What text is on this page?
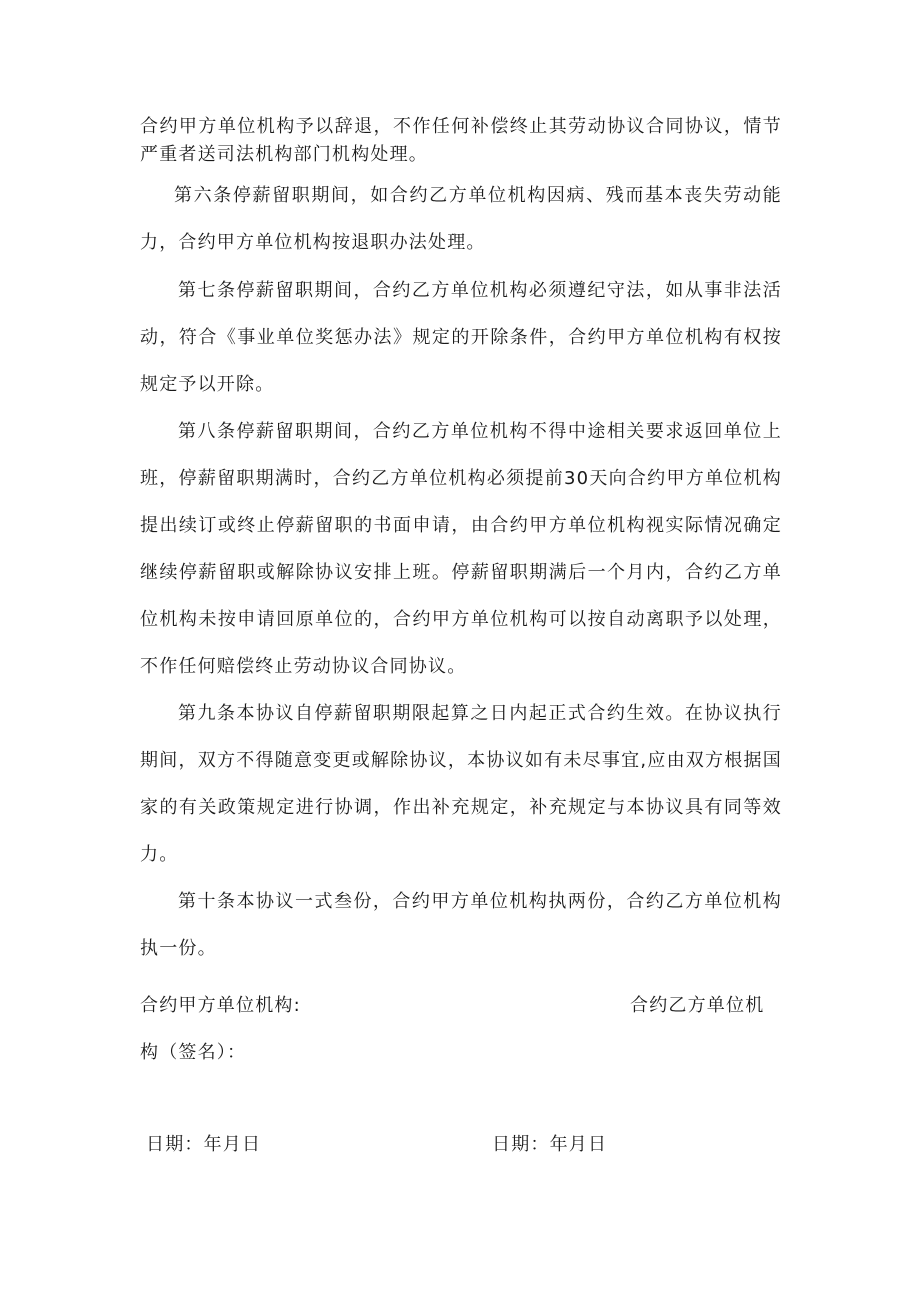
合约甲方单位机构予以辞退，不作任何补偿终止其劳动协议合同协议，情节严重者送司法机构部门机构处理。

第六条停薪留职期间，如合约乙方单位机构因病、残而基本丧失劳动能力，合约甲方单位机构按退职办法处理。

第七条停薪留职期间，合约乙方单位机构必须遵纪守法，如从事非法活动，符合《事业单位奖惩办法》规定的开除条件，合约甲方单位机构有权按规定予以开除。

第八条停薪留职期间，合约乙方单位机构不得中途相关要求返回单位上班，停薪留职期满时，合约乙方单位机构必须提前30天向合约甲方单位机构提出续订或终止停薪留职的书面申请，由合约甲方单位机构视实际情况确定继续停薪留职或解除协议安排上班。停薪留职期满后一个月内，合约乙方单位机构未按申请回原单位的，合约甲方单位机构可以按自动离职予以处理，不作任何赔偿终止劳动协议合同协议。

第九条本协议自停薪留职期限起算之日内起正式合约生效。在协议执行期间，双方不得随意变更或解除协议，本协议如有未尽事宜,应由双方根据国家的有关政策规定进行协调，作出补充规定，补充规定与本协议具有同等效力。

第十条本协议一式叁份，合约甲方单位机构执两份，合约乙方单位机构执一份。

合约甲方单位机构:	合约乙方单位机
构（签名）：
日期：年月日	日期：年月日
